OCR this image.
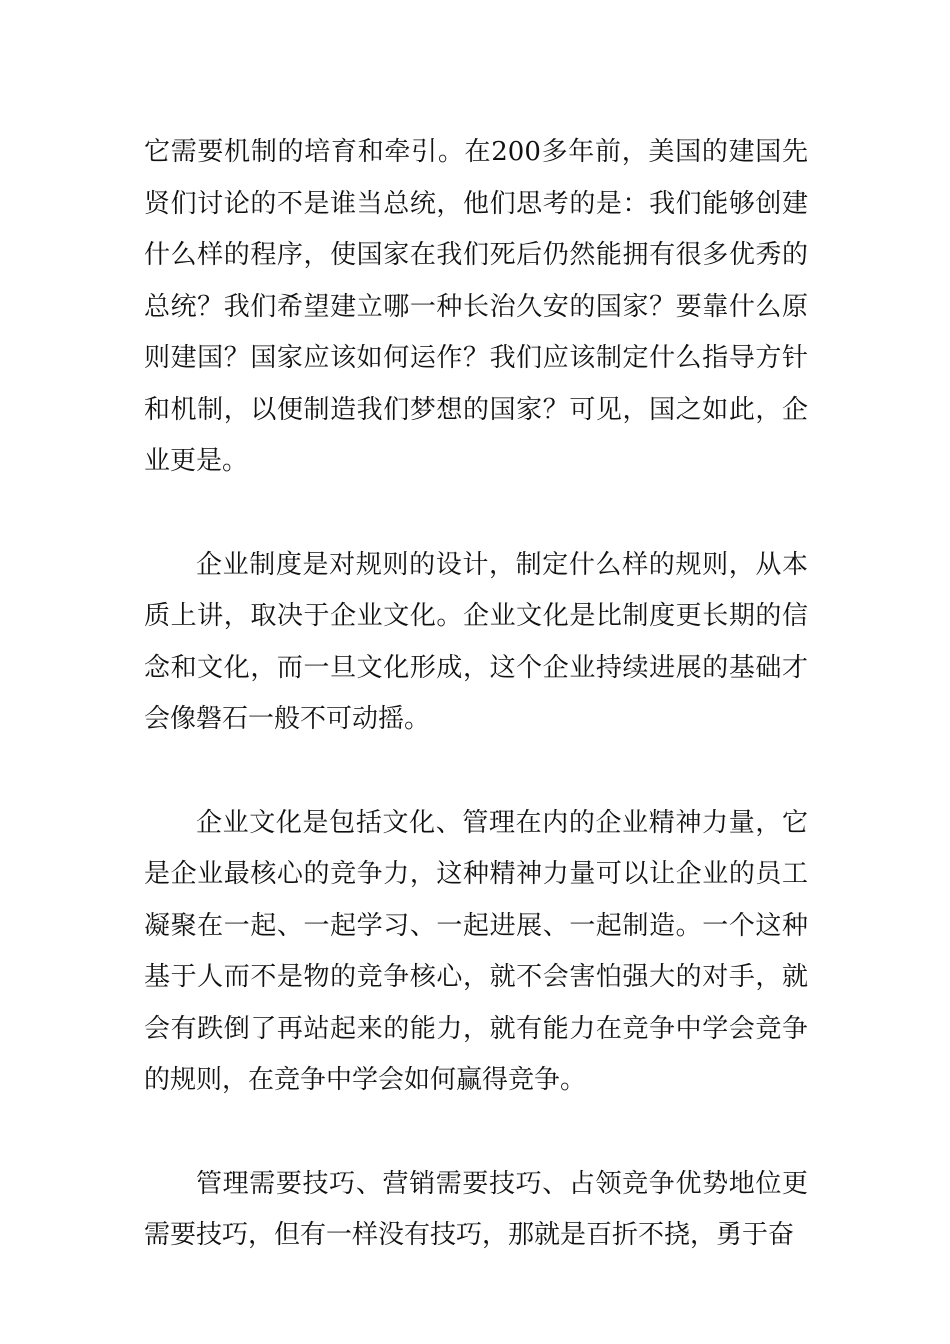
它需要机制的培育和牵引。在200多年前，美国的建国先贤们讨论的不是谁当总统，他们思考的是：我们能够创建什么样的程序，使国家在我们死后仍然能拥有很多优秀的总统？我们希望建立哪一种长治久安的国家？要靠什么原则建国？国家应该如何运作？我们应该制定什么指导方针和机制，以便制造我们梦想的国家？可见，国之如此，企业更是。

企业制度是对规则的设计，制定什么样的规则，从本质上讲，取决于企业文化。企业文化是比制度更长期的信念和文化，而一旦文化形成，这个企业持续进展的基础才会像磐石一般不可动摇。

企业文化是包括文化、管理在内的企业精神力量，它是企业最核心的竞争力，这种精神力量可以让企业的员工凝聚在一起、一起学习、一起进展、一起制造。一个这种基于人而不是物的竞争核心，就不会害怕强大的对手，就会有跌倒了再站起来的能力，就有能力在竞争中学会竞争的规则，在竞争中学会如何赢得竞争。

管理需要技巧、营销需要技巧、占领竞争优势地位更需要技巧，但有一样没有技巧，那就是百折不挠，勇于奋
